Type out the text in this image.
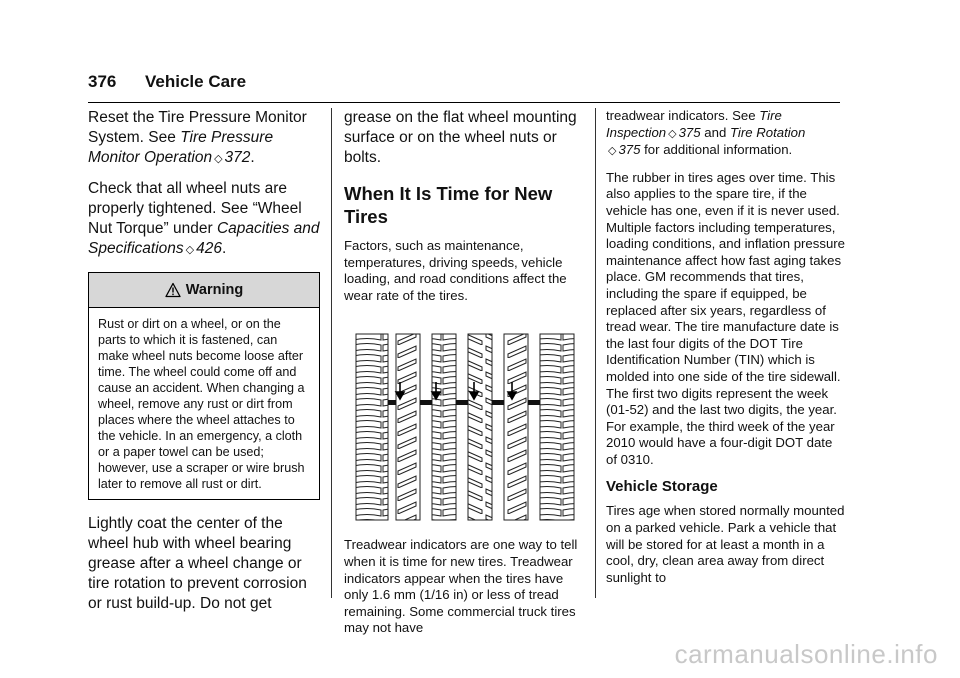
376 Vehicle Care

Reset the Tire Pressure Monitor System. See Tire Pressure Monitor Operation ◇ 372.

Check that all wheel nuts are properly tightened. See “Wheel Nut Torque” under Capacities and Specifications ◇ 426.

Warning
Rust or dirt on a wheel, or on the parts to which it is fastened, can make wheel nuts become loose after time. The wheel could come off and cause an accident. When changing a wheel, remove any rust or dirt from places where the wheel attaches to the vehicle. In an emergency, a cloth or a paper towel can be used; however, use a scraper or wire brush later to remove all rust or dirt.

Lightly coat the center of the wheel hub with wheel bearing grease after a wheel change or tire rotation to prevent corrosion or rust build-up. Do not get

grease on the flat wheel mounting surface or on the wheel nuts or bolts.

When It Is Time for New Tires

Factors, such as maintenance, temperatures, driving speeds, vehicle loading, and road conditions affect the wear rate of the tires.

Treadwear indicators are one way to tell when it is time for new tires. Treadwear indicators appear when the tires have only 1.6 mm (1/16 in) or less of tread remaining. Some commercial truck tires may not have

treadwear indicators. See Tire Inspection ◇ 375 and Tire Rotation
◇ 375 for additional information.

The rubber in tires ages over time. This also applies to the spare tire, if the vehicle has one, even if it is never used. Multiple factors including temperatures, loading conditions, and inflation pressure maintenance affect how fast aging takes place. GM recommends that tires, including the spare if equipped, be replaced after six years, regardless of tread wear. The tire manufacture date is the last four digits of the DOT Tire Identification Number (TIN) which is molded into one side of the tire sidewall. The first two digits represent the week (01-52) and the last two digits, the year. For example, the third week of the year 2010 would have a four-digit DOT date of 0310.

Vehicle Storage

Tires age when stored normally mounted on a parked vehicle. Park a vehicle that will be stored for at least a month in a cool, dry, clean area away from direct sunlight to

carmanualsonline.info
